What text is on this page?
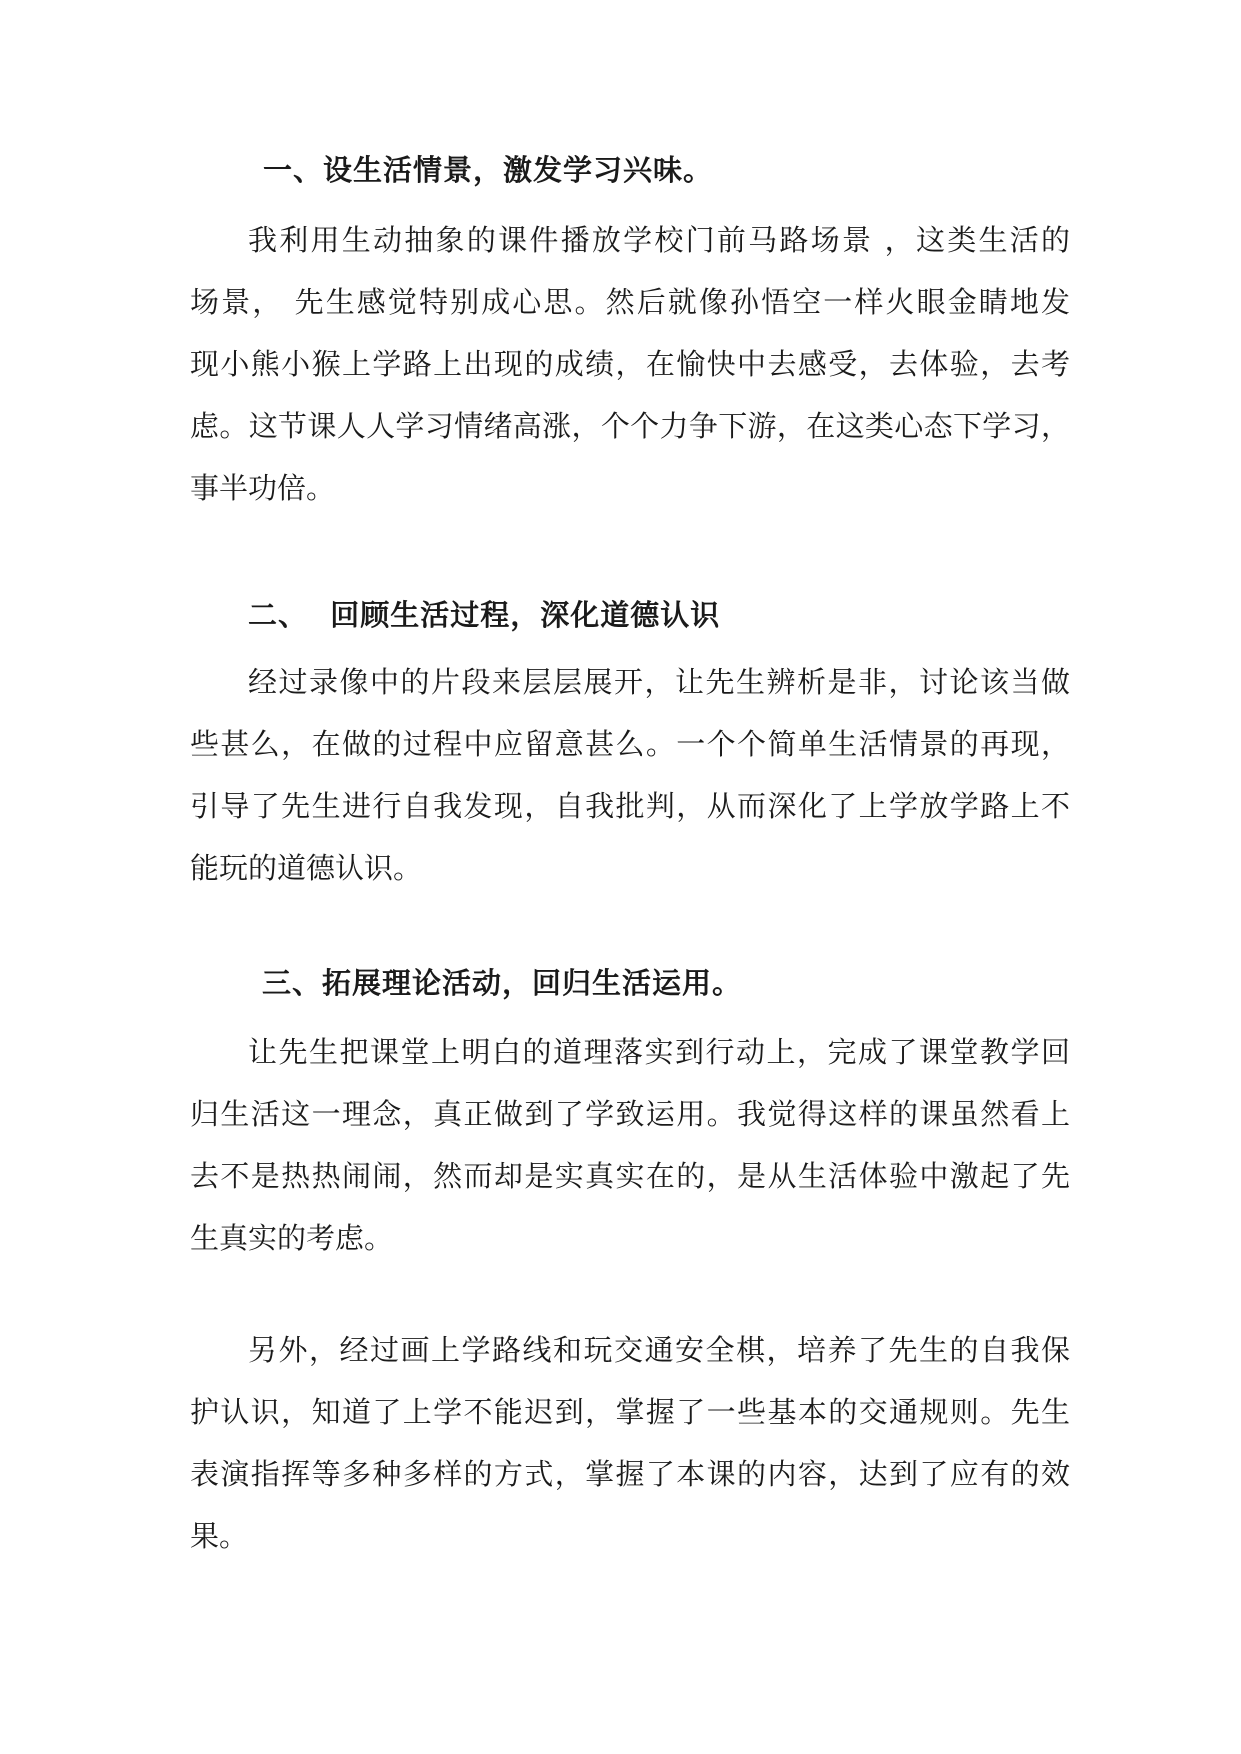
一、设生活情景，激发学习兴味。
我利用生动抽象的课件播放学校门前马路场景 ，这类生活的
场景， 先生感觉特别成心思。然后就像孙悟空一样火眼金睛地发
现小熊小猴上学路上出现的成绩，在愉快中去感受，去体验，去考
虑。这节课人人学习情绪高涨，个个力争下游，在这类心态下学习，
事半功倍。
二、  回顾生活过程，深化道德认识
经过录像中的片段来层层展开，让先生辨析是非，讨论该当做
些甚么，在做的过程中应留意甚么。一个个简单生活情景的再现，
引导了先生进行自我发现，自我批判，从而深化了上学放学路上不
能玩的道德认识。
三、拓展理论活动，回归生活运用。
让先生把课堂上明白的道理落实到行动上，完成了课堂教学回
归生活这一理念，真正做到了学致运用。我觉得这样的课虽然看上
去不是热热闹闹，然而却是实真实在的，是从生活体验中激起了先
生真实的考虑。
另外，经过画上学路线和玩交通安全棋，培养了先生的自我保
护认识，知道了上学不能迟到，掌握了一些基本的交通规则。先生
表演指挥等多种多样的方式，掌握了本课的内容，达到了应有的效
果。
